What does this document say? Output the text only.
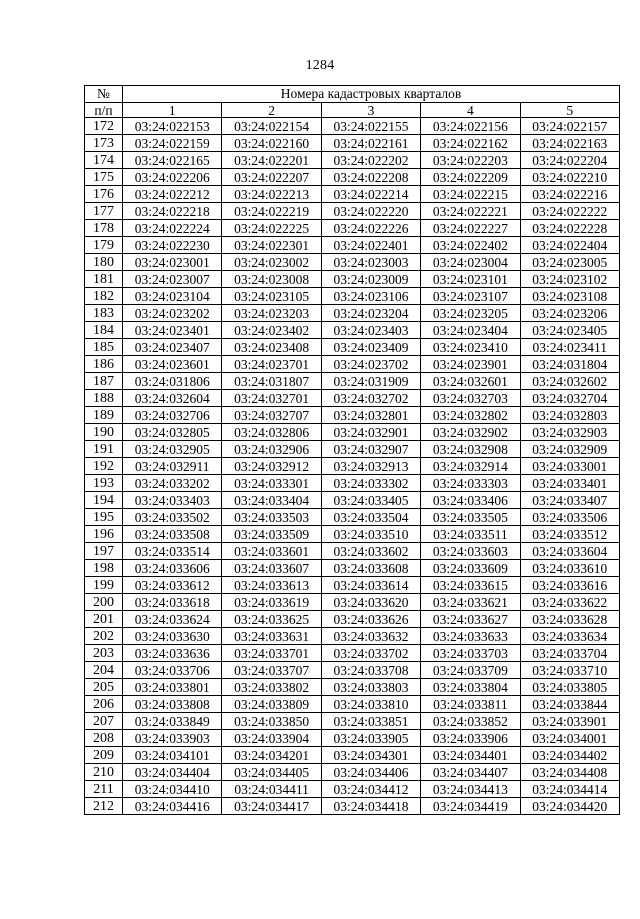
1284
№	Номера кадастровых кварталов				
п/п	1	2	3	4	5
172	03:24:022153	03:24:022154	03:24:022155	03:24:022156	03:24:022157
173	03:24:022159	03:24:022160	03:24:022161	03:24:022162	03:24:022163
174	03:24:022165	03:24:022201	03:24:022202	03:24:022203	03:24:022204
175	03:24:022206	03:24:022207	03:24:022208	03:24:022209	03:24:022210
176	03:24:022212	03:24:022213	03:24:022214	03:24:022215	03:24:022216
177	03:24:022218	03:24:022219	03:24:022220	03:24:022221	03:24:022222
178	03:24:022224	03:24:022225	03:24:022226	03:24:022227	03:24:022228
179	03:24:022230	03:24:022301	03:24:022401	03:24:022402	03:24:022404
180	03:24:023001	03:24:023002	03:24:023003	03:24:023004	03:24:023005
181	03:24:023007	03:24:023008	03:24:023009	03:24:023101	03:24:023102
182	03:24:023104	03:24:023105	03:24:023106	03:24:023107	03:24:023108
183	03:24:023202	03:24:023203	03:24:023204	03:24:023205	03:24:023206
184	03:24:023401	03:24:023402	03:24:023403	03:24:023404	03:24:023405
185	03:24:023407	03:24:023408	03:24:023409	03:24:023410	03:24:023411
186	03:24:023601	03:24:023701	03:24:023702	03:24:023901	03:24:031804
187	03:24:031806	03:24:031807	03:24:031909	03:24:032601	03:24:032602
188	03:24:032604	03:24:032701	03:24:032702	03:24:032703	03:24:032704
189	03:24:032706	03:24:032707	03:24:032801	03:24:032802	03:24:032803
190	03:24:032805	03:24:032806	03:24:032901	03:24:032902	03:24:032903
191	03:24:032905	03:24:032906	03:24:032907	03:24:032908	03:24:032909
192	03:24:032911	03:24:032912	03:24:032913	03:24:032914	03:24:033001
193	03:24:033202	03:24:033301	03:24:033302	03:24:033303	03:24:033401
194	03:24:033403	03:24:033404	03:24:033405	03:24:033406	03:24:033407
195	03:24:033502	03:24:033503	03:24:033504	03:24:033505	03:24:033506
196	03:24:033508	03:24:033509	03:24:033510	03:24:033511	03:24:033512
197	03:24:033514	03:24:033601	03:24:033602	03:24:033603	03:24:033604
198	03:24:033606	03:24:033607	03:24:033608	03:24:033609	03:24:033610
199	03:24:033612	03:24:033613	03:24:033614	03:24:033615	03:24:033616
200	03:24:033618	03:24:033619	03:24:033620	03:24:033621	03:24:033622
201	03:24:033624	03:24:033625	03:24:033626	03:24:033627	03:24:033628
202	03:24:033630	03:24:033631	03:24:033632	03:24:033633	03:24:033634
203	03:24:033636	03:24:033701	03:24:033702	03:24:033703	03:24:033704
204	03:24:033706	03:24:033707	03:24:033708	03:24:033709	03:24:033710
205	03:24:033801	03:24:033802	03:24:033803	03:24:033804	03:24:033805
206	03:24:033808	03:24:033809	03:24:033810	03:24:033811	03:24:033844
207	03:24:033849	03:24:033850	03:24:033851	03:24:033852	03:24:033901
208	03:24:033903	03:24:033904	03:24:033905	03:24:033906	03:24:034001
209	03:24:034101	03:24:034201	03:24:034301	03:24:034401	03:24:034402
210	03:24:034404	03:24:034405	03:24:034406	03:24:034407	03:24:034408
211	03:24:034410	03:24:034411	03:24:034412	03:24:034413	03:24:034414
212	03:24:034416	03:24:034417	03:24:034418	03:24:034419	03:24:034420
